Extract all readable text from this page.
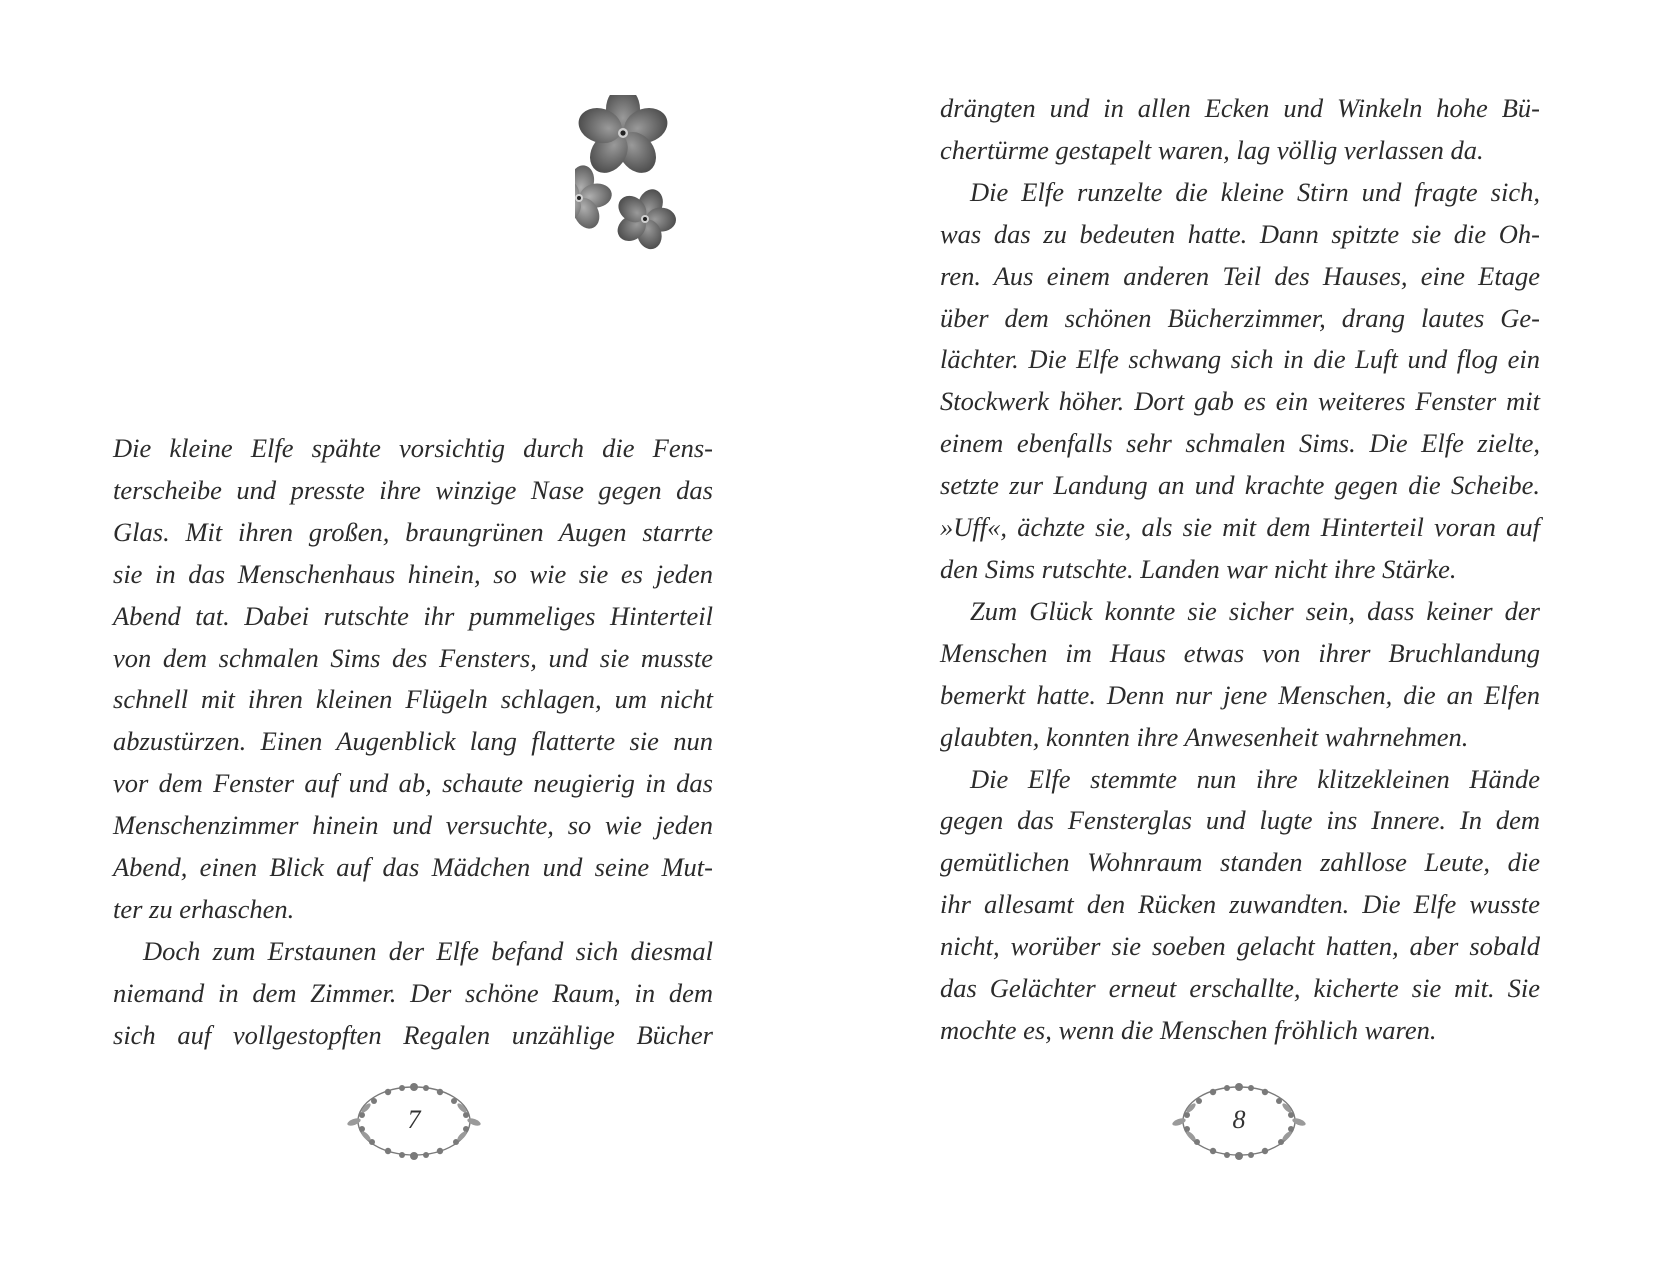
Die kleine Elfe spähte vorsichtig durch die Fens-
terscheibe und presste ihre winzige Nase gegen das
Glas. Mit ihren großen, braungrünen Augen starrte
sie in das Menschenhaus hinein, so wie sie es jeden
Abend tat. Dabei rutschte ihr pummeliges Hinterteil
von dem schmalen Sims des Fensters, und sie musste
schnell mit ihren kleinen Flügeln schlagen, um nicht
abzustürzen. Einen Augenblick lang flatterte sie nun
vor dem Fenster auf und ab, schaute neugierig in das
Menschenzimmer hinein und versuchte, so wie jeden
Abend, einen Blick auf das Mädchen und seine Mut-
ter zu erhaschen.
Doch zum Erstaunen der Elfe befand sich diesmal
niemand in dem Zimmer. Der schöne Raum, in dem
sich auf vollgestopften Regalen unzählige Bücher
7
drängten und in allen Ecken und Winkeln hohe Bü-
chertürme gestapelt waren, lag völlig verlassen da.
Die Elfe runzelte die kleine Stirn und fragte sich,
was das zu bedeuten hatte. Dann spitzte sie die Oh-
ren. Aus einem anderen Teil des Hauses, eine Etage
über dem schönen Bücherzimmer, drang lautes Ge-
lächter. Die Elfe schwang sich in die Luft und flog ein
Stockwerk höher. Dort gab es ein weiteres Fenster mit
einem ebenfalls sehr schmalen Sims. Die Elfe zielte,
setzte zur Landung an und krachte gegen die Scheibe.
»Uff«, ächzte sie, als sie mit dem Hinterteil voran auf
den Sims rutschte. Landen war nicht ihre Stärke.
Zum Glück konnte sie sicher sein, dass keiner der
Menschen im Haus etwas von ihrer Bruchlandung
bemerkt hatte. Denn nur jene Menschen, die an Elfen
glaubten, konnten ihre Anwesenheit wahrnehmen.
Die Elfe stemmte nun ihre klitzekleinen Hände
gegen das Fensterglas und lugte ins Innere. In dem
gemütlichen Wohnraum standen zahllose Leute, die
ihr allesamt den Rücken zuwandten. Die Elfe wusste
nicht, worüber sie soeben gelacht hatten, aber sobald
das Gelächter erneut erschallte, kicherte sie mit. Sie
mochte es, wenn die Menschen fröhlich waren.
8
